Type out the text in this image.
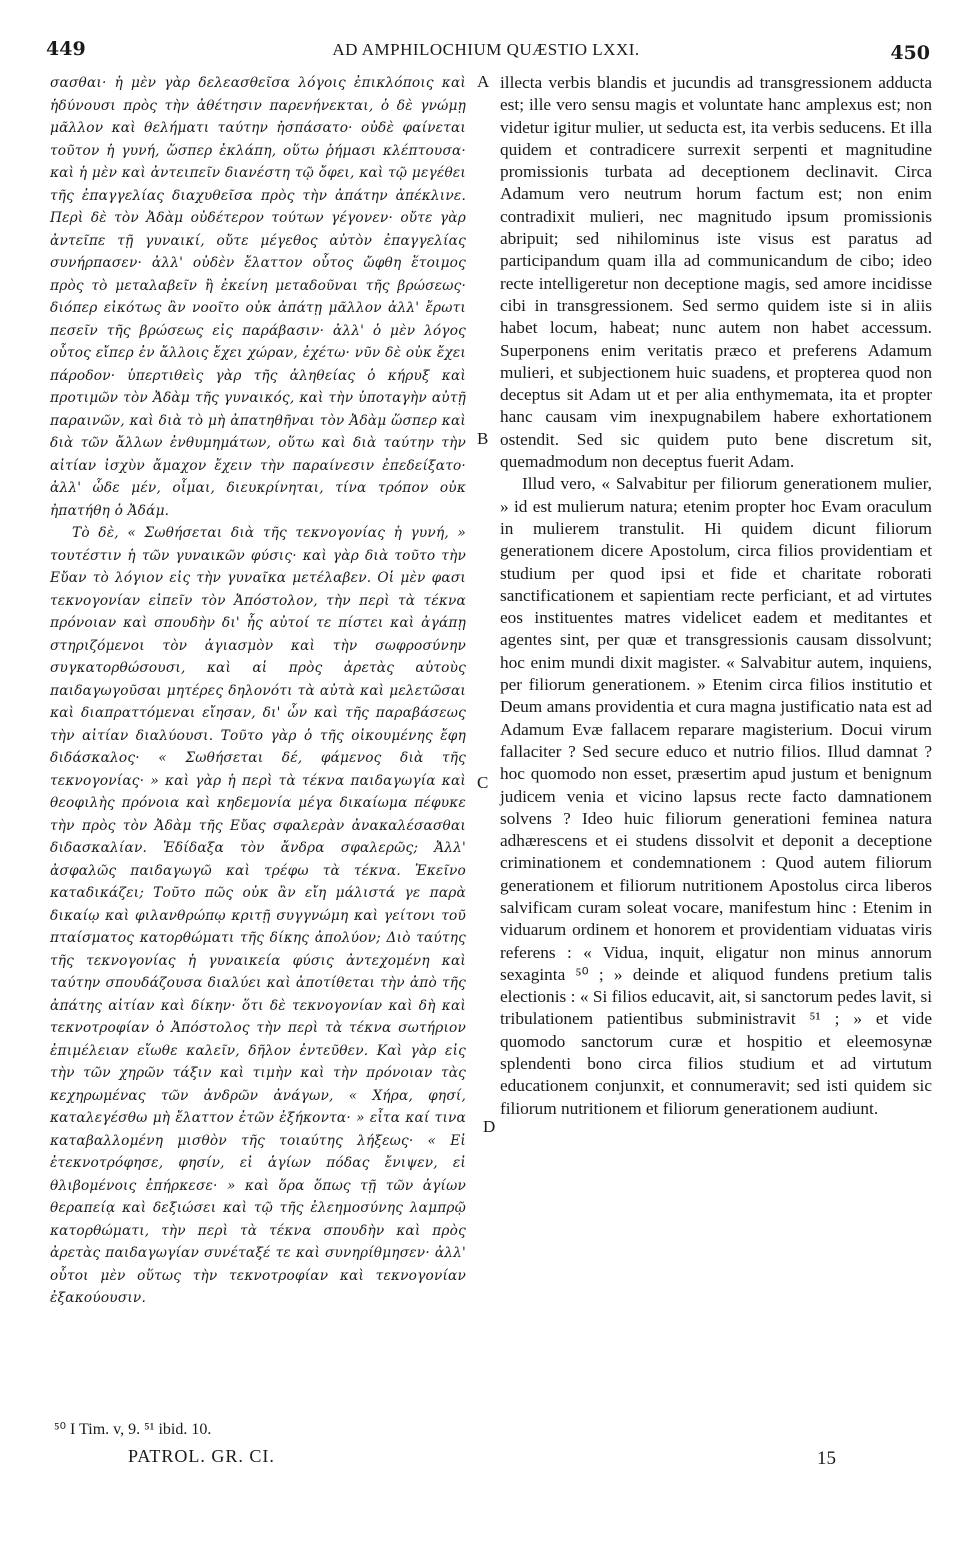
449	AD AMPHILOCHIUM QUÆSTIO LXXI.	450

σασθαι· ἡ μὲν γὰρ δελεασθεῖσα λόγοις ἐπικλόποις καὶ ἡδύνουσι πρὸς τὴν ἀθέτησιν παρενήνεκται, ὁ δὲ γνώμῃ μᾶλλον καὶ θελήματι ταύτην ἠσπάσατο· οὐδὲ φαίνεται τοῦτον ἡ γυνή, ὥσπερ ἐκλάπη, οὕτω ῥήμασι κλέπτουσα· καὶ ἡ μὲν καὶ ἀντειπεῖν διανέστη τῷ ὄφει, καὶ τῷ μεγέθει τῆς ἐπαγγελίας διαχυθεῖσα πρὸς τὴν ἀπάτην ἀπέκλινε. Περὶ δὲ τὸν Ἀδὰμ οὐδέτερον τούτων γέγονεν· οὔτε γὰρ ἀντεῖπε τῇ γυναικί, οὔτε μέγεθος αὐτὸν ἐπαγγελίας συνήρπασεν· ἀλλ' οὐδὲν ἔλαττον οὗτος ὤφθη ἕτοιμος πρὸς τὸ μεταλαβεῖν ἢ ἐκείνη μεταδοῦναι τῆς βρώσεως· διόπερ εἰκότως ἂν νοοῖτο οὐκ ἀπάτῃ μᾶλλον ἀλλ' ἔρωτι πεσεῖν τῆς βρώσεως εἰς παράβασιν· ἀλλ' ὁ μὲν λόγος οὗτος εἴπερ ἐν ἄλλοις ἔχει χώραν, ἐχέτω· νῦν δὲ οὐκ ἔχει πάροδον· ὑπερτιθεὶς γὰρ τῆς ἀληθείας ὁ κήρυξ καὶ προτιμῶν τὸν Ἀδὰμ τῆς γυναικός, καὶ τὴν ὑποταγὴν αὐτῇ παραινῶν, καὶ διὰ τὸ μὴ ἀπατηθῆναι τὸν Ἀδὰμ ὥσπερ καὶ διὰ τῶν ἄλλων ἐνθυμημάτων, οὕτω καὶ διὰ ταύτην τὴν αἰτίαν ἰσχὺν ἄμαχον ἔχειν τὴν παραίνεσιν ἐπεδείξατο· ἀλλ' ὧδε μέν, οἶμαι, διευκρίνηται, τίνα τρόπον οὐκ ἠπατήθη ὁ Ἀδάμ.

Τὸ δὲ, « Σωθήσεται διὰ τῆς τεκνογονίας ἡ γυνή, » τουτέστιν ἡ τῶν γυναικῶν φύσις· καὶ γὰρ διὰ τοῦτο τὴν Εὔαν τὸ λόγιον εἰς τὴν γυναῖκα μετέλαβεν. Οἱ μὲν φασι τεκνογονίαν εἰπεῖν τὸν Ἀπόστολον, τὴν περὶ τὰ τέκνα πρόνοιαν καὶ σπουδὴν δι' ἧς αὐτοί τε πίστει καὶ ἀγάπῃ στηριζόμενοι τὸν ἁγιασμὸν καὶ τὴν σωφροσύνην συγκατορθώσουσι, καὶ αἱ πρὸς ἀρετὰς αὐτοὺς παιδαγωγοῦσαι μητέρες δηλονότι τὰ αὐτὰ καὶ μελετῶσαι καὶ διαπραττόμεναι εἴησαν, δι' ὧν καὶ τῆς παραβάσεως τὴν αἰτίαν διαλύουσι. Τοῦτο γὰρ ὁ τῆς οἰκουμένης ἔφη διδάσκαλος· « Σωθήσεται δέ, φάμενος διὰ τῆς τεκνογονίας· » καὶ γὰρ ἡ περὶ τὰ τέκνα παιδαγωγία καὶ θεοφιλὴς πρόνοια καὶ κηδεμονία μέγα δικαίωμα πέφυκε τὴν πρὸς τὸν Ἀδὰμ τῆς Εὔας σφαλερὰν ἀνακαλέσασθαι διδασκαλίαν. Ἐδίδαξα τὸν ἄνδρα σφαλερῶς; Ἀλλ' ἀσφαλῶς παιδαγωγῶ καὶ τρέφω τὰ τέκνα. Ἐκεῖνο καταδικάζει; Τοῦτο πῶς οὐκ ἂν εἴη μάλιστά γε παρὰ δικαίῳ καὶ φιλανθρώπῳ κριτῇ συγγνώμη καὶ γείτονι τοῦ πταίσματος κατορθώματι τῆς δίκης ἀπολύον; Διὸ ταύτης τῆς τεκνογονίας ἡ γυναικεία φύσις ἀντεχομένη καὶ ταύτην σπουδάζουσα διαλύει καὶ ἀποτίθεται τὴν ἀπὸ τῆς ἀπάτης αἰτίαν καὶ δίκην· ὅτι δὲ τεκνογονίαν καὶ δὴ καὶ τεκνοτροφίαν ὁ Ἀπόστολος τὴν περὶ τὰ τέκνα σωτήριον ἐπιμέλειαν εἴωθε καλεῖν, δῆλον ἐντεῦθεν. Καὶ γὰρ εἰς τὴν τῶν χηρῶν τάξιν καὶ τιμὴν καὶ τὴν πρόνοιαν τὰς κεχηρωμένας τῶν ἀνδρῶν ἀνάγων, « Χήρα, φησί, καταλεγέσθω μὴ ἔλαττον ἐτῶν ἑξήκοντα· » εἶτα καί τινα καταβαλλομένη μισθὸν τῆς τοιαύτης λήξεως· « Εἰ ἐτεκνοτρόφησε, φησίν, εἰ ἁγίων πόδας ἔνιψεν, εἰ θλιβομένοις ἐπήρκεσε· » καὶ ὅρα ὅπως τῇ τῶν ἁγίων θεραπείᾳ καὶ δεξιώσει καὶ τῷ τῆς ἐλεημοσύνης λαμπρῷ κατορθώματι, τὴν περὶ τὰ τέκνα σπουδὴν καὶ πρὸς ἀρετὰς παιδαγωγίαν συνέταξέ τε καὶ συνηρίθμησεν· ἀλλ' οὗτοι μὲν οὕτως τὴν τεκνοτροφίαν καὶ τεκνογονίαν ἐξακούουσιν.

A
B
C
D

illecta verbis blandis et jucundis ad transgressionem adducta est; ille vero sensu magis et voluntate hanc amplexus est; non videtur igitur mulier, ut seducta est, ita verbis seducens. Et illa quidem et contradicere surrexit serpenti et magnitudine promissionis turbata ad deceptionem declinavit. Circa Adamum vero neutrum horum factum est; non enim contradixit mulieri, nec magnitudo ipsum promissionis abripuit; sed nihilominus iste visus est paratus ad participandum quam illa ad communicandum de cibo; ideo recte intelligeretur non deceptione magis, sed amore incidisse cibi in transgressionem. Sed sermo quidem iste si in aliis habet locum, habeat; nunc autem non habet accessum. Superponens enim veritatis præco et preferens Adamum mulieri, et subjectionem huic suadens, et propterea quod non deceptus sit Adam ut et per alia enthymemata, ita et propter hanc causam vim inexpugnabilem habere exhortationem ostendit. Sed sic quidem puto bene discretum sit, quemadmodum non deceptus fuerit Adam.

Illud vero, « Salvabitur per filiorum generationem mulier, » id est mulierum natura; etenim propter hoc Evam oraculum in mulierem transtulit. Hi quidem dicunt filiorum generationem dicere Apostolum, circa filios providentiam et studium per quod ipsi et fide et charitate roborati sanctificationem et sapientiam recte perficiant, et ad virtutes eos instituentes matres videlicet eadem et meditantes et agentes sint, per quæ et transgressionis causam dissolvunt; hoc enim mundi dixit magister. « Salvabitur autem, inquiens, per filiorum generationem. » Etenim circa filios institutio et Deum amans providentia et cura magna justificatio nata est ad Adamum Evæ fallacem reparare magisterium. Docui virum fallaciter ? Sed secure educo et nutrio filios. Illud damnat ? hoc quomodo non esset, præsertim apud justum et benignum judicem venia et vicino lapsus recte facto damnationem solvens ? Ideo huic filiorum generationi feminea natura adhærescens et ei studens dissolvit et deponit a deceptione criminationem et condemnationem : Quod autem filiorum generationem et filiorum nutritionem Apostolus circa liberos salvificam curam soleat vocare, manifestum hinc : Etenim in viduarum ordinem et honorem et providentiam viduatas viris referens : « Vidua, inquit, eligatur non minus annorum sexaginta ⁵⁰ ; » deinde et aliquod fundens pretium talis electionis : « Si filios educavit, ait, si sanctorum pedes lavit, si tribulationem patientibus subministravit ⁵¹ ; » et vide quomodo sanctorum curæ et hospitio et eleemosynæ splendenti bono circa filios studium et ad virtutum educationem conjunxit, et connumeravit; sed isti quidem sic filiorum nutritionem et filiorum generationem audiunt.

⁵⁰ I Tim. v, 9. ⁵¹ ibid. 10.
PATROL. GR. CI.	15
